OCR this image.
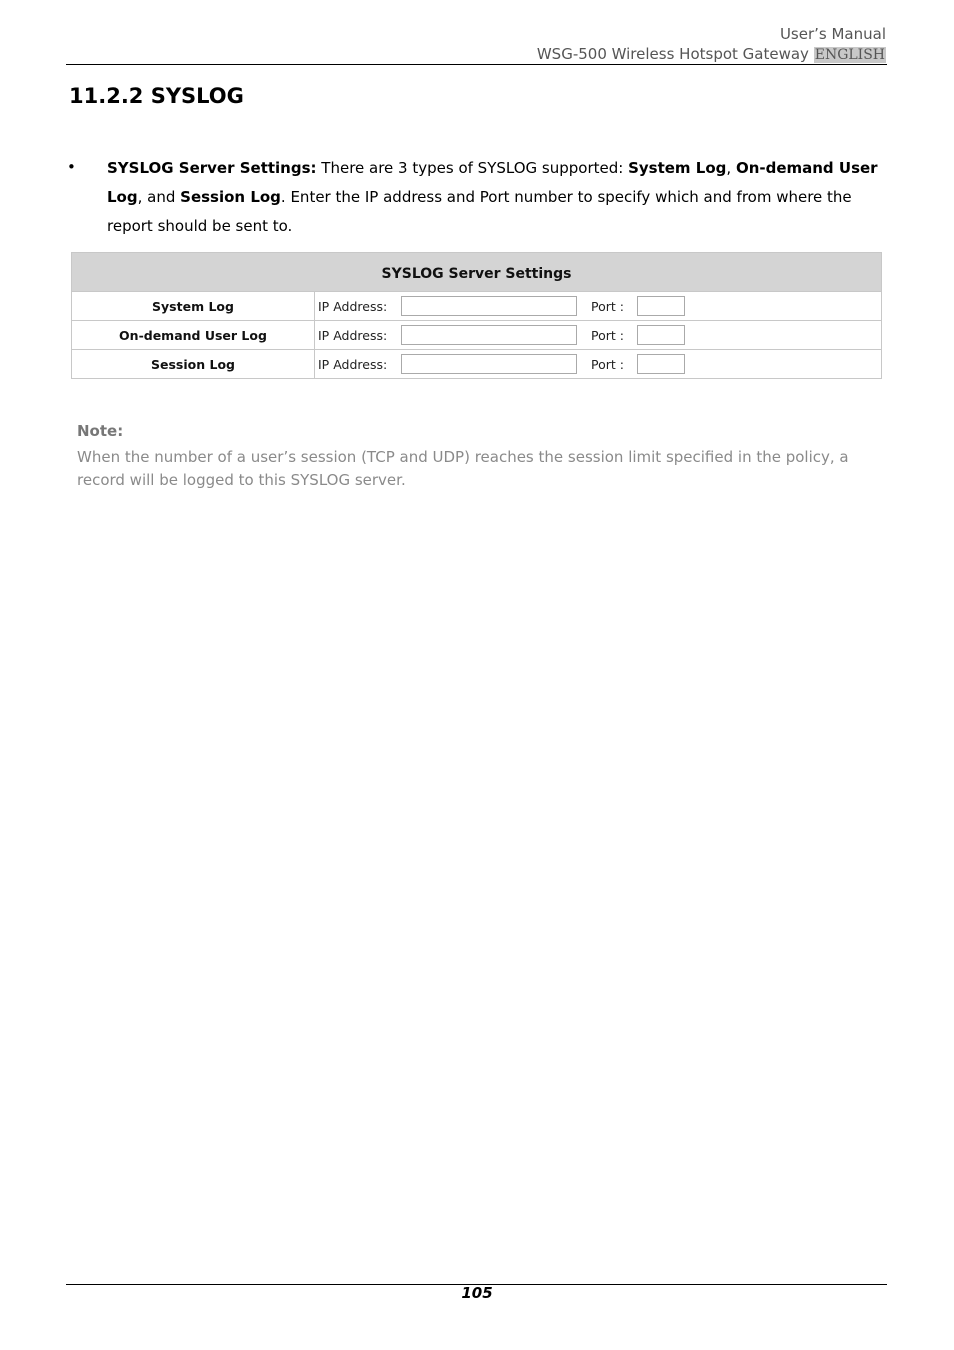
User’s Manual
WSG-500 Wireless Hotspot Gateway ENGLISH
11.2.2 SYSLOG
• SYSLOG Server Settings: There are 3 types of SYSLOG supported: System Log, On-demand User Log, and Session Log. Enter the IP address and Port number to specify which and from where the report should be sent to.
SYSLOG Server Settings	
System Log	IP Address: Port :

On-demand User Log	IP Address: Port :

Session Log	IP Address: Port :
Note:
When the number of a user’s session (TCP and UDP) reaches the session limit specified in the policy, a record will be logged to this SYSLOG server.
105
